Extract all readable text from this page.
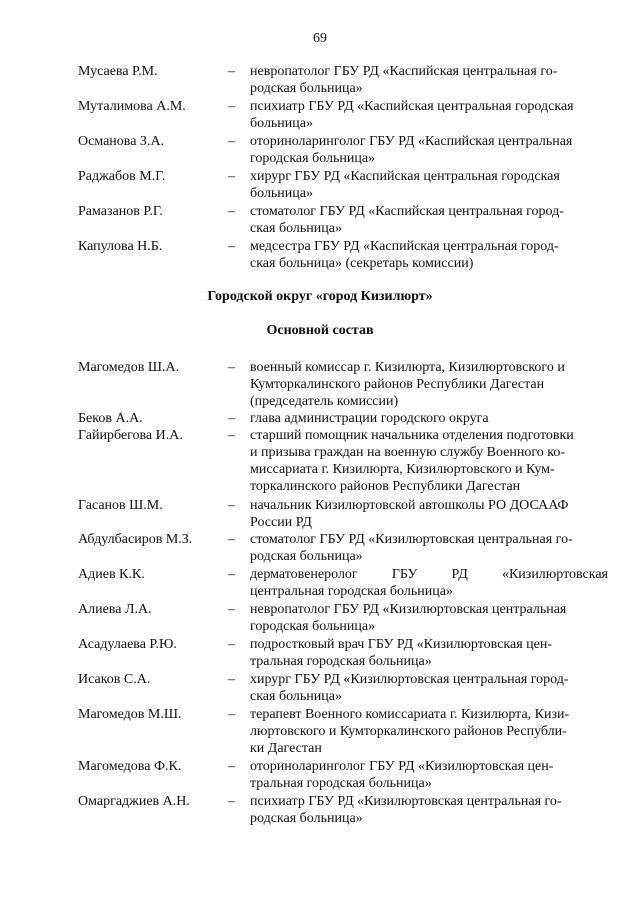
69
Мусаева Р.М.	–	невропатолог ГБУ РД «Каспийская центральная го-
родская больница»
Муталимова А.М.	–	психиатр ГБУ РД «Каспийская центральная городская
больница»
Османова З.А.	–	оториноларинголог ГБУ РД «Каспийская центральная
городская больница»
Раджабов М.Г.	–	хирург ГБУ РД «Каспийская центральная городская
больница»
Рамазанов Р.Г.	–	стоматолог ГБУ РД «Каспийская центральная город-
ская больница»
Капулова Н.Б.	–	медсестра ГБУ РД «Каспийская центральная город-
ская больница» (секретарь комиссии)
Городской округ «город Кизилюрт»
Основной состав
Магомедов Ш.А.	–	военный комиссар г. Кизилюрта, Кизилюртовского и
Кумторкалинского районов Республики Дагестан
(председатель комиссии)
Беков А.А.	–	глава администрации городского округа
Гайирбегова И.А.	–	старший помощник начальника отделения подготовки
и призыва граждан на военную службу Военного ко-
миссариата г. Кизилюрта, Кизилюртовского и Кум-
торкалинского районов Республики Дагестан
Гасанов Ш.М.	–	начальник Кизилюртовской автошколы РО ДОСААФ
России РД
Абдулбасиров М.З.	–	стоматолог ГБУ РД «Кизилюртовская центральная го-
родская больница»
Адиев К.К.	–	дерматовенеролог ГБУ РД «Кизилюртовская
центральная городская больница»
Алиева Л.А.	–	невропатолог ГБУ РД «Кизилюртовская центральная
городская больница»
Асадулаева Р.Ю.	–	подростковый врач ГБУ РД «Кизилюртовская цен-
тральная городская больница»
Исаков С.А.	–	хирург ГБУ РД «Кизилюртовская центральная город-
ская больница»
Магомедов М.Ш.	–	терапевт Военного комиссариата г. Кизилюрта, Кизи-
люртовского и Кумторкалинского районов Республи-
ки Дагестан
Магомедова Ф.К.	–	оториноларинголог ГБУ РД «Кизилюртовская цен-
тральная городская больница»
Омаргаджиев А.Н.	–	психиатр ГБУ РД «Кизилюртовская центральная го-
родская больница»
